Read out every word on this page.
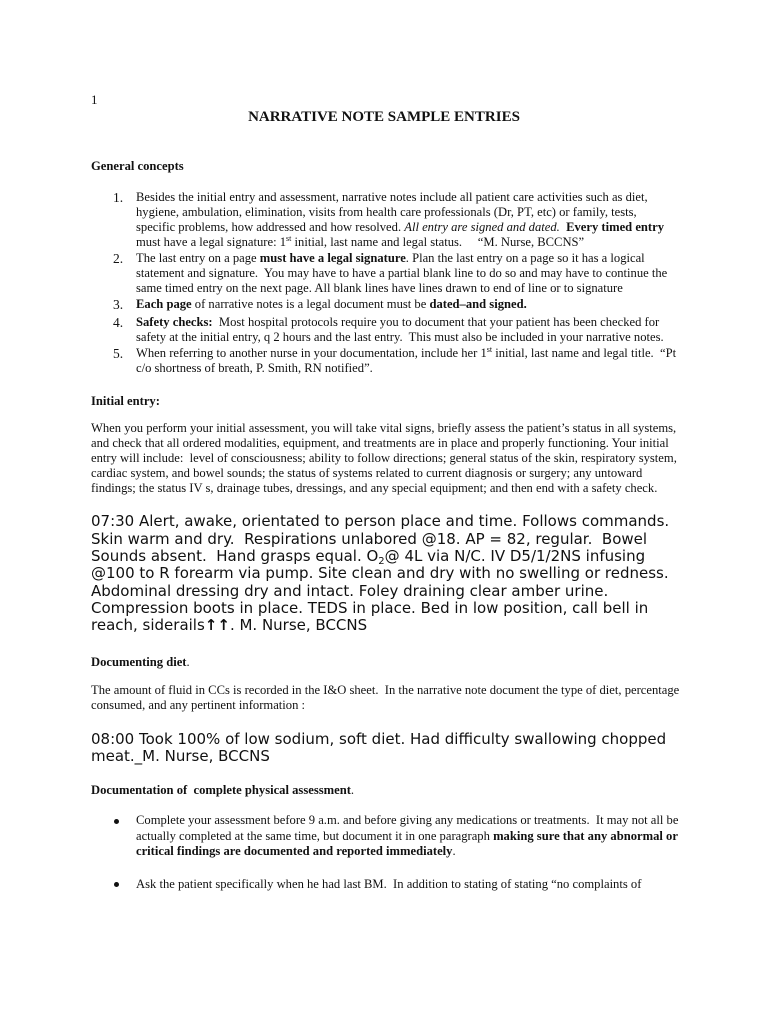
1
NARRATIVE NOTE SAMPLE ENTRIES
General concepts
1. Besides the initial entry and assessment, narrative notes include all patient care activities such as diet,
hygiene, ambulation, elimination, visits from health care professionals (Dr, PT, etc) or family, tests,
specific problems, how addressed and how resolved. All entry are signed and dated.  Every timed entry
must have a legal signature: 1st initial, last name and legal status.     “M. Nurse, BCCNS”
2. The last entry on a page must have a legal signature. Plan the last entry on a page so it has a logical
statement and signature.  You may have to have a partial blank line to do so and may have to continue the
same timed entry on the next page. All blank lines have lines drawn to end of line or to signature
3. Each page of narrative notes is a legal document must be dated–and signed.
4. Safety checks:  Most hospital protocols require you to document that your patient has been checked for
safety at the initial entry, q 2 hours and the last entry.  This must also be included in your narrative notes.
5. When referring to another nurse in your documentation, include her 1st initial, last name and legal title.  “Pt
c/o shortness of breath, P. Smith, RN notified”.
Initial entry:
When you perform your initial assessment, you will take vital signs, briefly assess the patient’s status in all systems,
and check that all ordered modalities, equipment, and treatments are in place and properly functioning. Your initial
entry will include:  level of consciousness; ability to follow directions; general status of the skin, respiratory system,
cardiac system, and bowel sounds; the status of systems related to current diagnosis or surgery; any untoward
findings; the status IV s, drainage tubes, dressings, and any special equipment; and then end with a safety check.
07:30 Alert, awake, orientated to person place and time. Follows commands.
Skin warm and dry.  Respirations unlabored @18. AP = 82, regular.  Bowel
Sounds absent.  Hand grasps equal. $O_2@$ 4L via N/C. IV D5/1/2NS infusing
@100 to R forearm via pump. Site clean and dry with no swelling or redness.
Abdominal dressing dry and intact. Foley draining clear amber urine.
Compression boots in place. TEDS in place. Bed in low position, call bell in
reach, siderails↑↑. M. Nurse, BCCNS
Documenting diet.
The amount of fluid in CCs is recorded in the I&O sheet.  In the narrative note document the type of diet, percentage
consumed, and any pertinent information :
08:00 Took 100% of low sodium, soft diet. Had difficulty swallowing chopped
meat._M. Nurse, BCCNS
Documentation of  complete physical assessment.
Complete your assessment before 9 a.m. and before giving any medications or treatments.  It may not all be
actually completed at the same time, but document it in one paragraph making sure that any abnormal or
critical findings are documented and reported immediately.
Ask the patient specifically when he had last BM.  In addition to stating of stating “no complaints of
